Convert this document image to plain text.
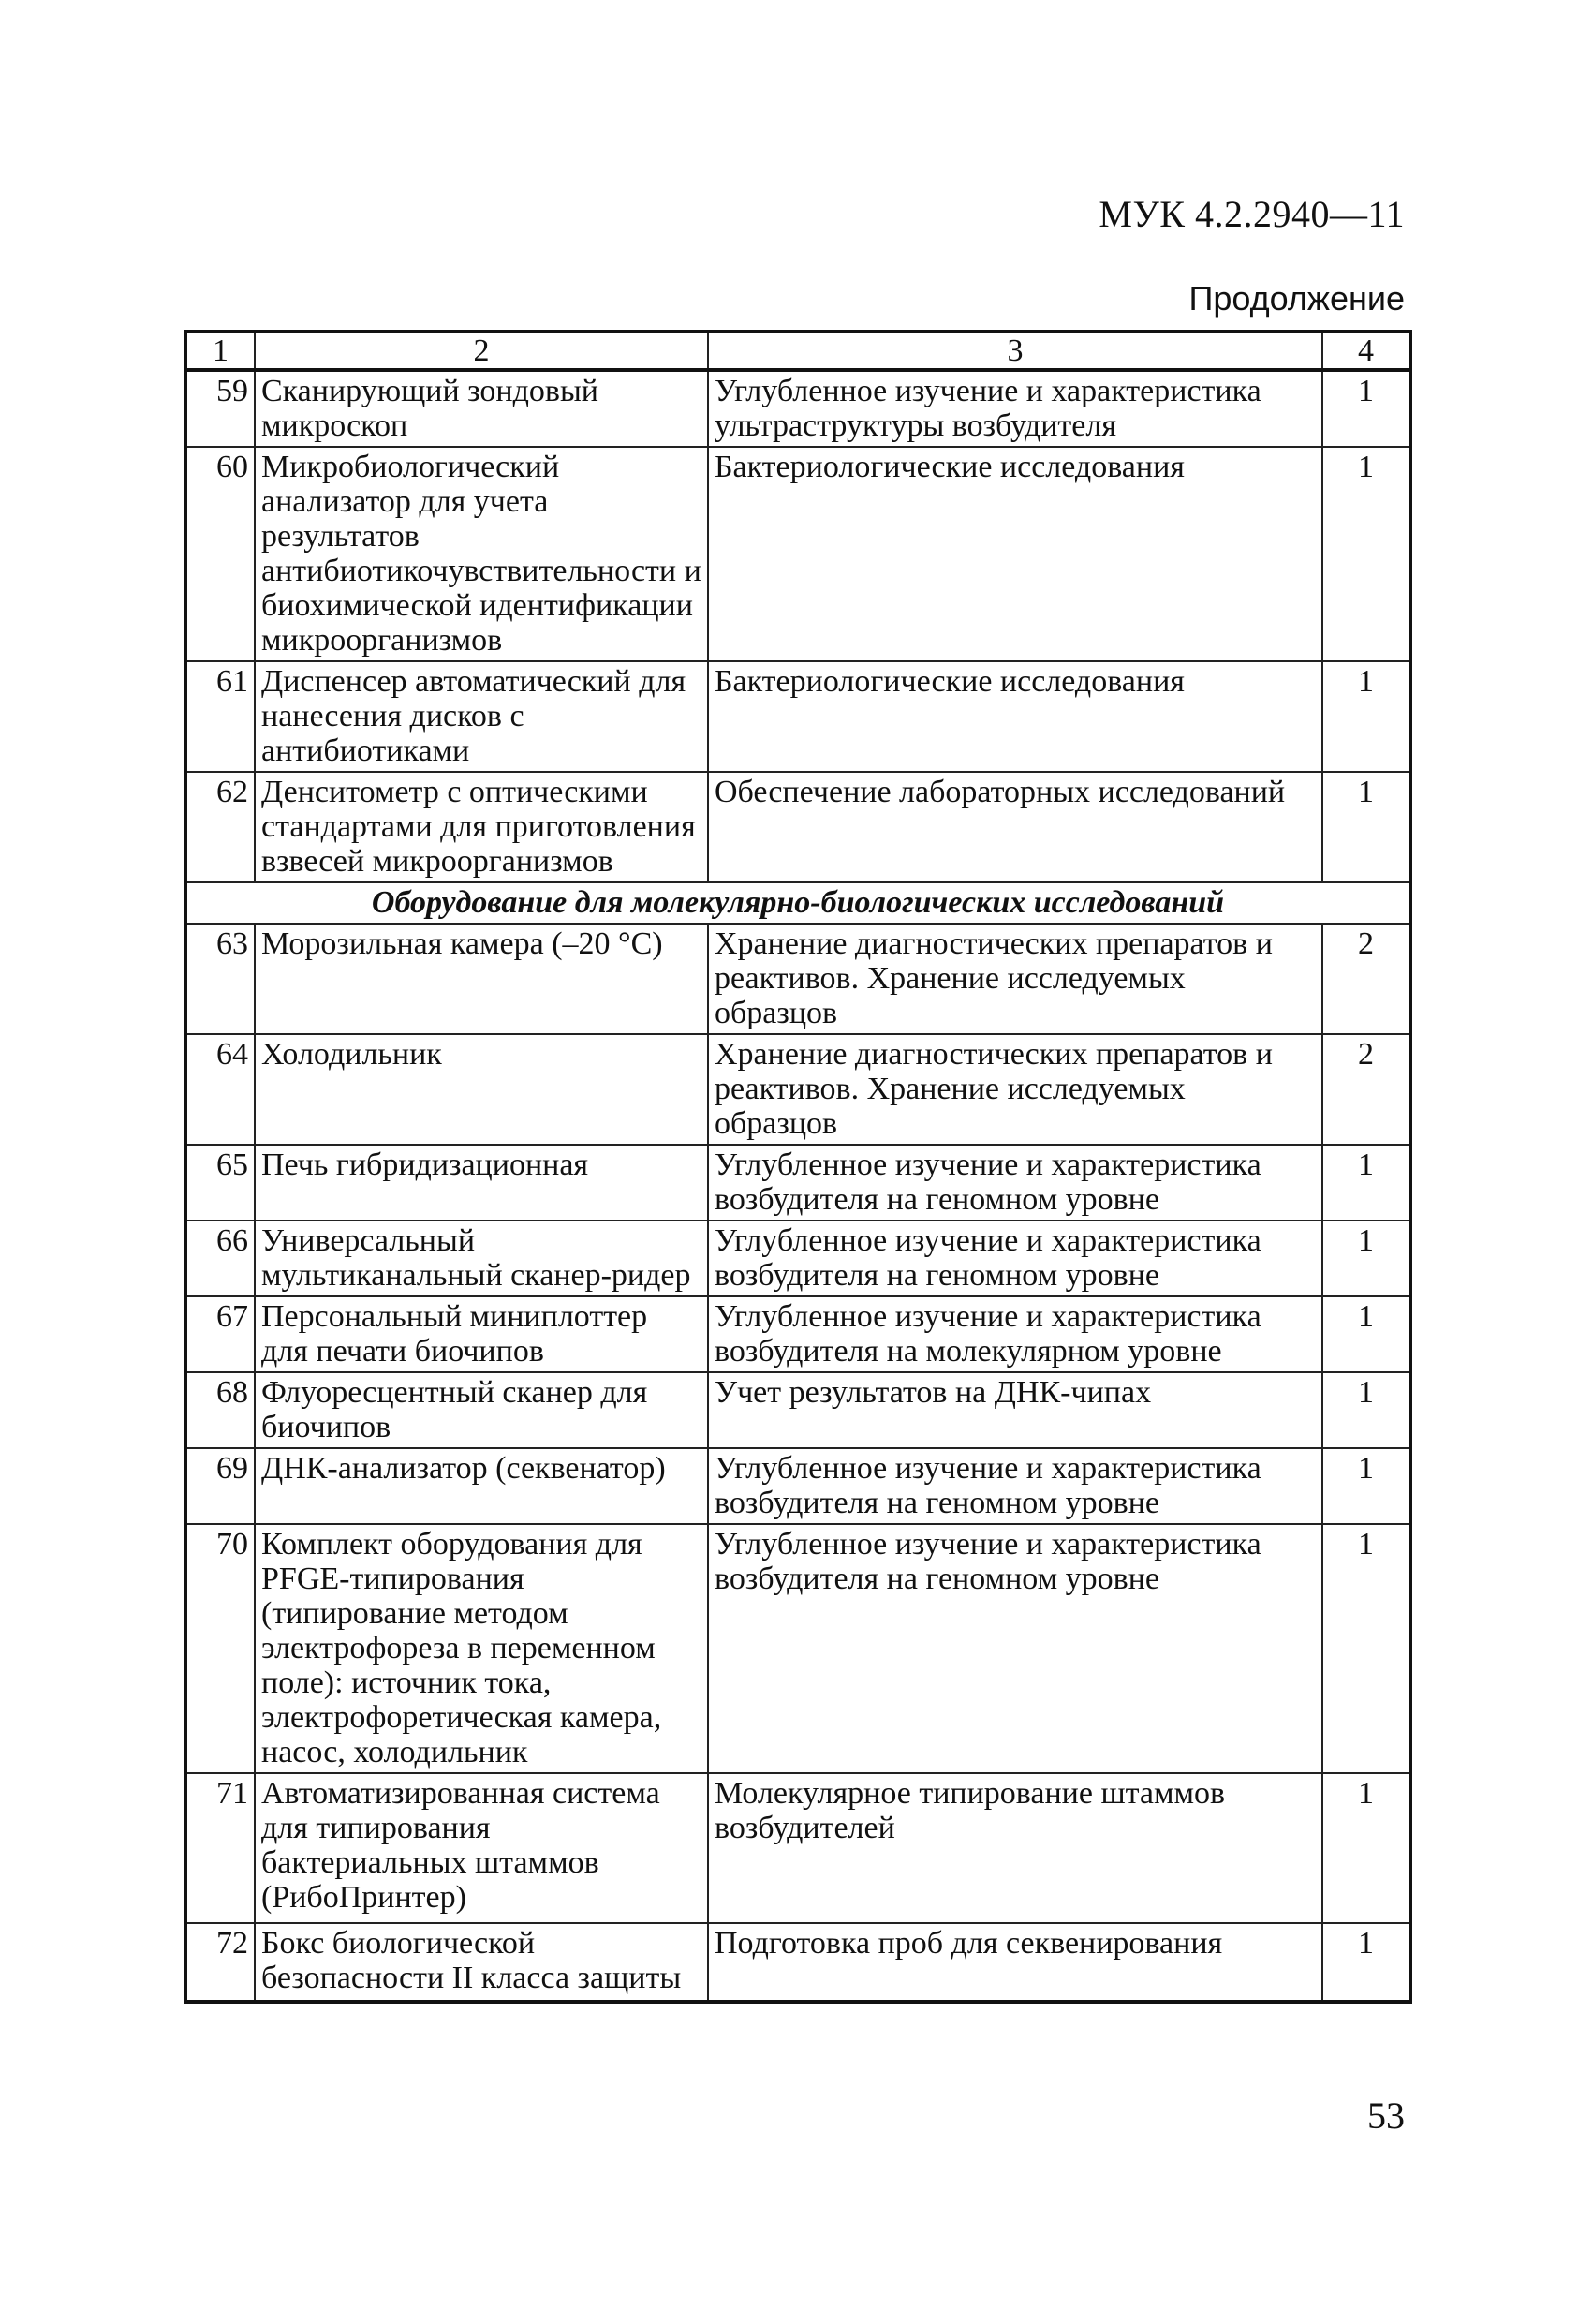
МУК 4.2.2940—11
Продолжение
1	2	3	4
59	Сканирующий зондовый микроскоп	Углубленное изучение и характеристика ультраструктуры возбудителя	1
60	Микробиологический анализатор для учета результатов антибиотикочувствительности и биохимической идентификации микроорганизмов	Бактериологические исследования	1
61	Диспенсер автоматический для нанесения дисков с антибиотиками	Бактериологические исследования	1
62	Денситометр с оптическими стандартами для приготовления взвесей микроорганизмов	Обеспечение лабораторных исследований	1
Оборудование для молекулярно-биологических исследований			
63	Морозильная камера (–20 °С)	Хранение диагностических препаратов и реактивов. Хранение исследуемых образцов	2
64	Холодильник	Хранение диагностических препаратов и реактивов. Хранение исследуемых образцов	2
65	Печь гибридизационная	Углубленное изучение и характеристика возбудителя на геномном уровне	1
66	Универсальный мультиканальный сканер-ридер	Углубленное изучение и характеристика возбудителя на геномном уровне	1
67	Персональный миниплоттер для печати биочипов	Углубленное изучение и характеристика возбудителя на молекулярном уровне	1
68	Флуоресцентный сканер для биочипов	Учет результатов на ДНК-чипах	1
69	ДНК-анализатор (секвенатор)	Углубленное изучение и характеристика возбудителя на геномном уровне	1
70	Комплект оборудования для PFGE-типирования (типирование методом электрофореза в переменном поле): источник тока, электрофоретическая камера, насос, холодильник	Углубленное изучение и характеристика возбудителя на геномном уровне	1
71	Автоматизированная система для типирования бактериальных штаммов (РибоПринтер)	Молекулярное типирование штаммов возбудителей	1
72	Бокс биологической безопасности II класса защиты	Подготовка проб для секвенирования	1
53
